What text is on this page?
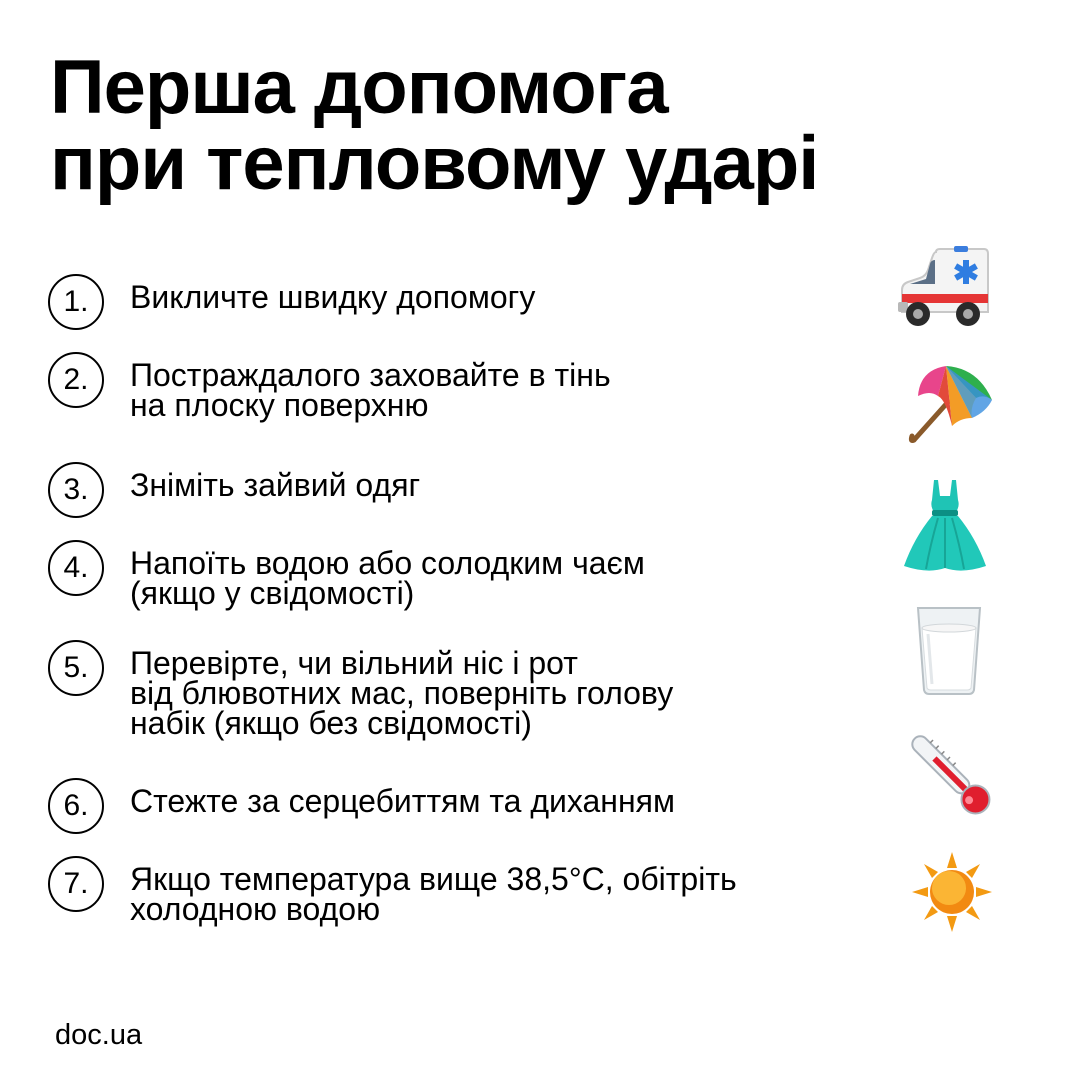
Перша допомога
при тепловому ударі
1.	Викличте швидку допомогу
2.	Постраждалого заховайте в тінь
на плоску поверхню
3.	Зніміть зайвий одяг
4.	Напоїть водою або солодким чаєм
(якщо у свідомості)
5.	Перевірте, чи вільний ніс і рот
від блювотних мас, поверніть голову
набік (якщо без свідомості)
6.	Стежте за серцебиттям та диханням
7.	Якщо температура вище 38,5°C, обітріть
холодною водою
doc.ua
